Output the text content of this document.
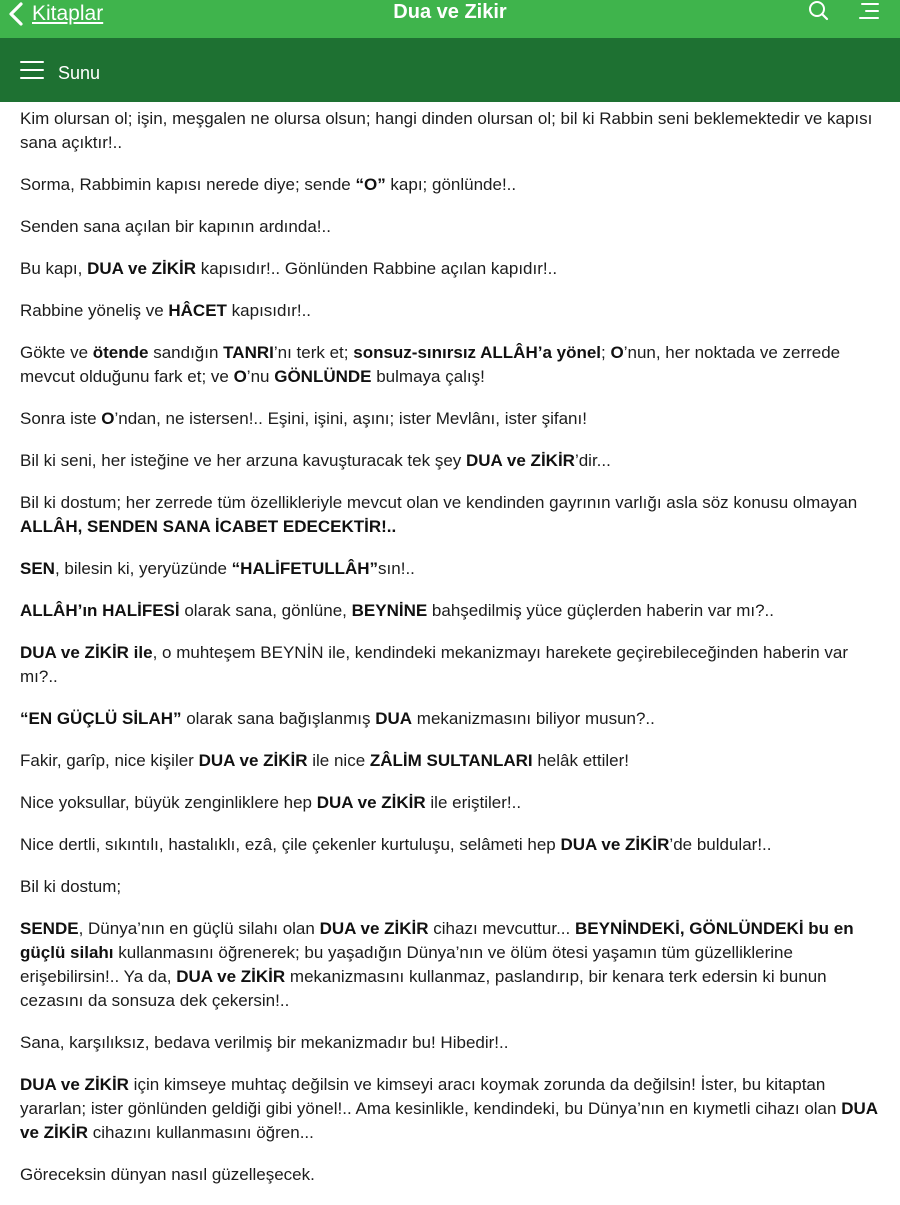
Kitaplar	Dua ve Zikir
Sunu

Kim olursan ol; işin, meşgalen ne olursa olsun; hangi dinden olursan ol; bil ki Rabbin seni beklemektedir ve kapısı sana açıktır!..

Sorma, Rabbimin kapısı nerede diye; sende “O” kapı; gönlünde!..

Senden sana açılan bir kapının ardında!..

Bu kapı, DUA ve ZİKİR kapısıdır!.. Gönlünden Rabbine açılan kapıdır!..

Rabbine yöneliş ve HÂCET kapısıdır!..

Gökte ve ötende sandığın TANRI’nı terk et; sonsuz-sınırsız ALLÂH’a yönel; O’nun, her noktada ve zerrede mevcut olduğunu fark et; ve O’nu GÖNLÜNDE bulmaya çalış!

Sonra iste O’ndan, ne istersen!.. Eşini, işini, aşını; ister Mevlânı, ister şifanı!

Bil ki seni, her isteğine ve her arzuna kavuşturacak tek şey DUA ve ZİKİR’dir...

Bil ki dostum; her zerrede tüm özellikleriyle mevcut olan ve kendinden gayrının varlığı asla söz konusu olmayan ALLÂH, SENDEN SANA İCABET EDECEKTİR!..

SEN, bilesin ki, yeryüzünde “HALİFETULLÂH”sın!..

ALLÂH’ın HALİFESİ olarak sana, gönlüne, BEYNİNE bahşedilmiş yüce güçlerden haberin var mı?..

DUA ve ZİKİR ile, o muhteşem BEYNİN ile, kendindeki mekanizmayı harekete geçirebileceğinden haberin var mı?..

“EN GÜÇLÜ SİLAH” olarak sana bağışlanmış DUA mekanizmasını biliyor musun?..

Fakir, garîp, nice kişiler DUA ve ZİKİR ile nice ZÂLİM SULTANLARI helâk ettiler!

Nice yoksullar, büyük zenginliklere hep DUA ve ZİKİR ile eriştiler!..

Nice dertli, sıkıntılı, hastalıklı, ezâ, çile çekenler kurtuluşu, selâmeti hep DUA ve ZİKİR’de buldular!..

Bil ki dostum;

SENDE, Dünya’nın en güçlü silahı olan DUA ve ZİKİR cihazı mevcuttur... BEYNİNDEKİ, GÖNLÜNDEKİ bu en güçlü silahı kullanmasını öğrenerek; bu yaşadığın Dünya’nın ve ölüm ötesi yaşamın tüm güzelliklerine erişebilirsin!.. Ya da, DUA ve ZİKİR mekanizmasını kullanmaz, paslandırıp, bir kenara terk edersin ki bunun cezasını da sonsuza dek çekersin!..

Sana, karşılıksız, bedava verilmiş bir mekanizmadır bu! Hibedir!..

DUA ve ZİKİR için kimseye muhtaç değilsin ve kimseyi aracı koymak zorunda da değilsin! İster, bu kitaptan yararlan; ister gönlünden geldiği gibi yönel!.. Ama kesinlikle, kendindeki, bu Dünya’nın en kıymetli cihazı olan DUA ve ZİKİR cihazını kullanmasını öğren...

Göreceksin dünyan nasıl güzelleşecek.
